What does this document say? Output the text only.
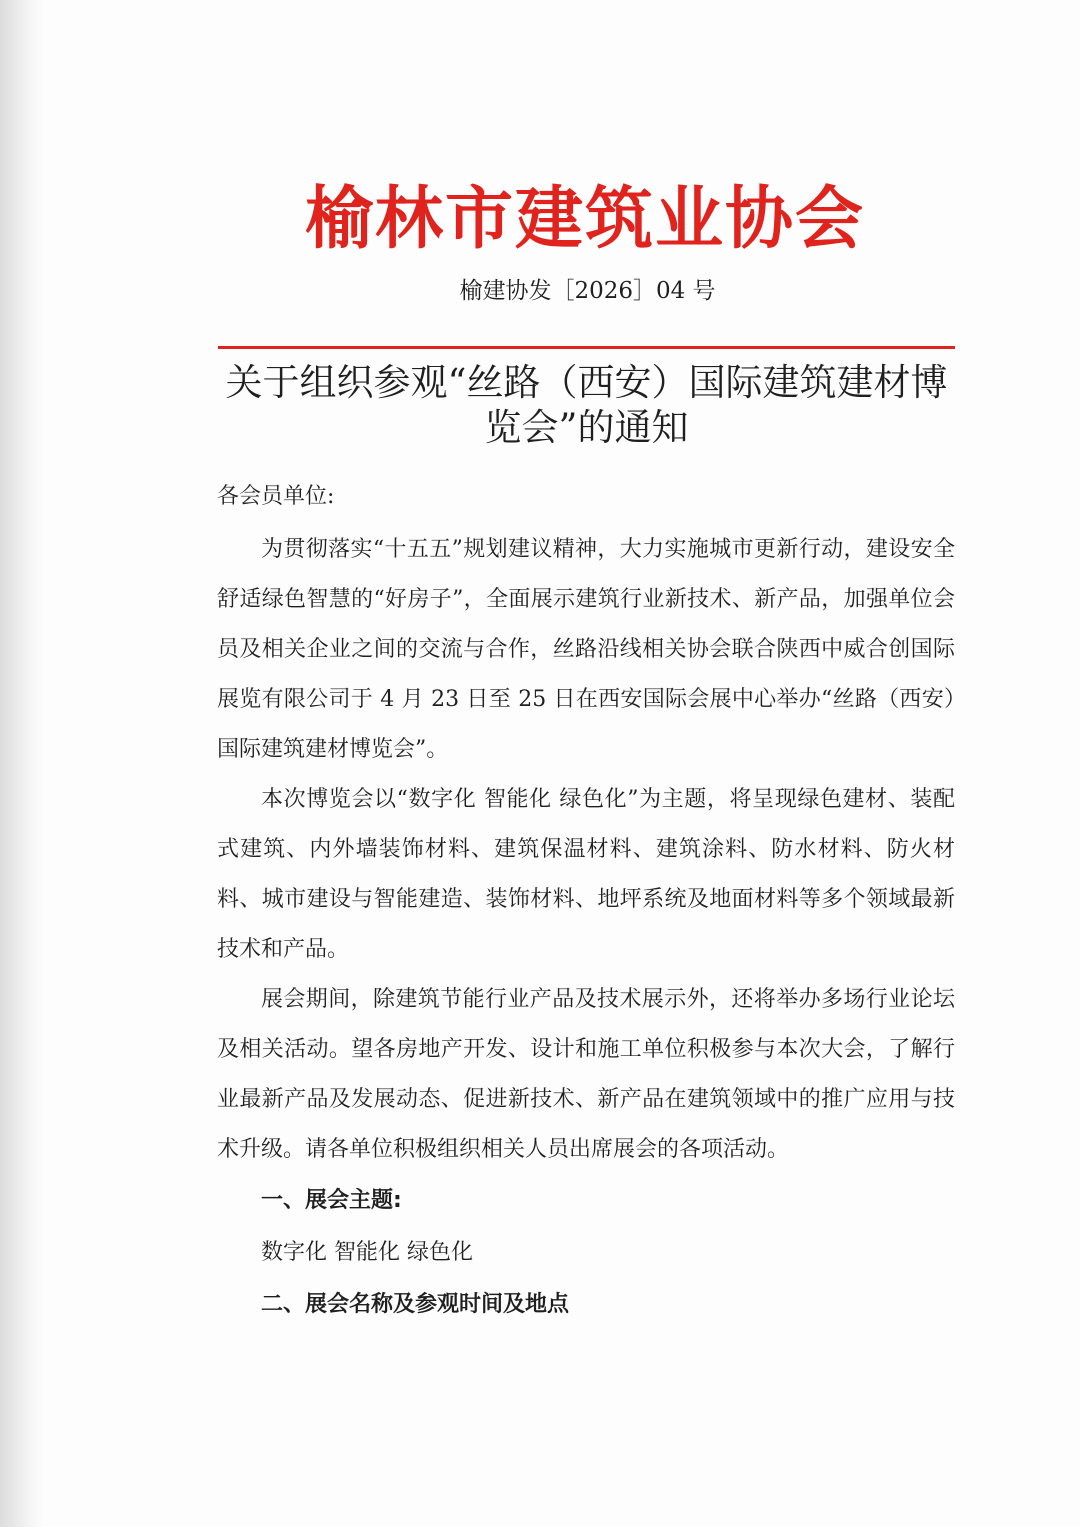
榆林市建筑业协会
榆建协发［2026］04 号
关于组织参观“丝路（西安）国际建筑建材博览会”的通知

各会员单位:

为贯彻落实“十五五”规划建议精神，大力实施城市更新行动，建设安全舒适绿色智慧的“好房子”，全面展示建筑行业新技术、新产品，加强单位会员及相关企业之间的交流与合作，丝路沿线相关协会联合陕西中威合创国际展览有限公司于 4 月 23 日至 25 日在西安国际会展中心举办“丝路（西安）国际建筑建材博览会”。

本次博览会以“数字化 智能化 绿色化”为主题，将呈现绿色建材、装配式建筑、内外墙装饰材料、建筑保温材料、建筑涂料、防水材料、防火材料、城市建设与智能建造、装饰材料、地坪系统及地面材料等多个领域最新技术和产品。

展会期间，除建筑节能行业产品及技术展示外，还将举办多场行业论坛及相关活动。望各房地产开发、设计和施工单位积极参与本次大会，了解行业最新产品及发展动态、促进新技术、新产品在建筑领域中的推广应用与技术升级。请各单位积极组织相关人员出席展会的各项活动。

一、展会主题:

数字化 智能化 绿色化

二、展会名称及参观时间及地点
